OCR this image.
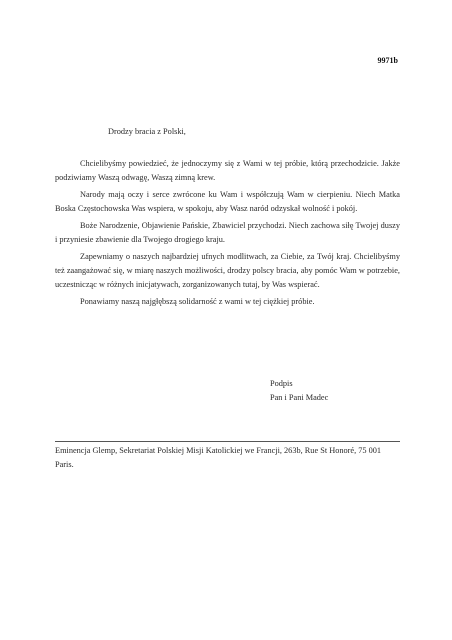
9971b
Drodzy bracia z Polski,

Chcielibyśmy powiedzieć, że jednoczymy się z Wami w tej próbie, którą przechodzicie. Jakże podziwiamy Waszą odwagę, Waszą zimną krew.

Narody mają oczy i serce zwrócone ku Wam i współczują Wam w cierpieniu. Niech Matka Boska Częstochowska Was wspiera, w spokoju, aby Wasz naród odzyskał wolność i pokój.

Boże Narodzenie, Objawienie Pańskie, Zbawiciel przychodzi. Niech zachowa siłę Twojej duszy i przyniesie zbawienie dla Twojego drogiego kraju.

Zapewniamy o naszych najbardziej ufnych modlitwach, za Ciebie, za Twój kraj. Chcielibyśmy też zaangażować się, w miarę naszych możliwości, drodzy polscy bracia, aby pomóc Wam w potrzebie, uczestnicząc w różnych inicjatywach, zorganizowanych tutaj, by Was wspierać.

Ponawiamy naszą najgłębszą solidarność z wami w tej ciężkiej próbie.

Podpis
Pan i Pani Madec
Eminencja Glemp, Sekretariat Polskiej Misji Katolickiej we Francji, 263b, Rue St Honoré, 75 001 Paris.
